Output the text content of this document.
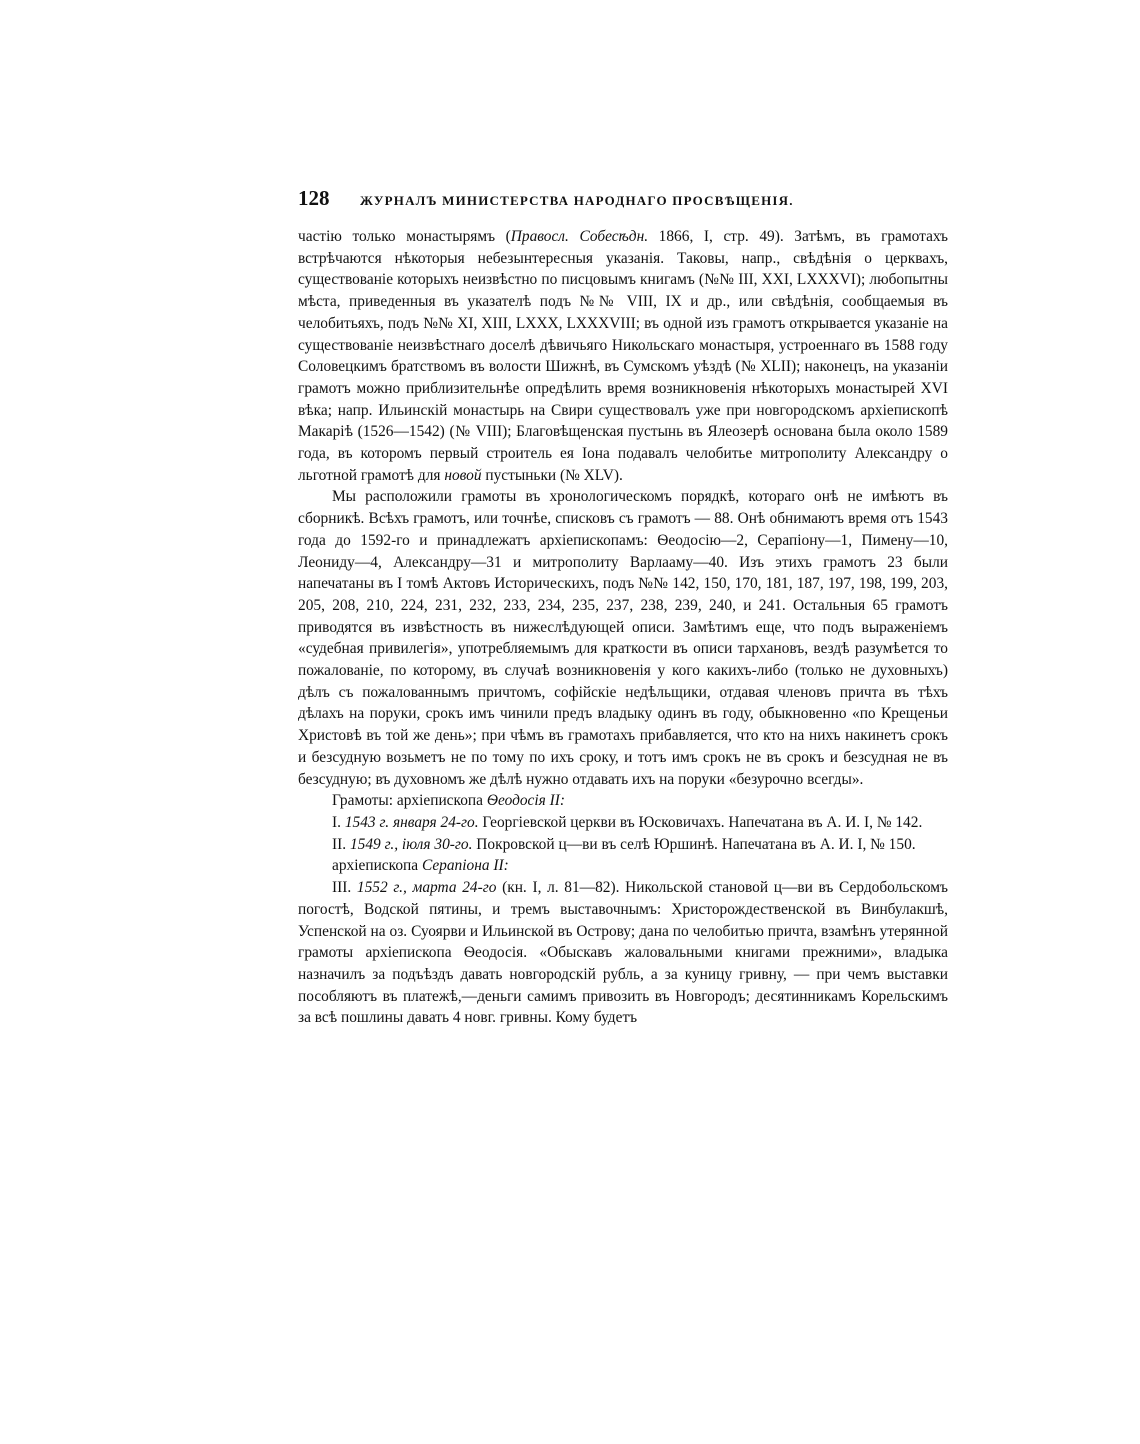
128	ЖУРНАЛЪ МИНИСТЕРСТВА НАРОДНАГО ПРОСВѢЩЕНІЯ.

частію только монастырямъ (Правосл. Собесѣдн. 1866, I, стр. 49). Затѣмъ, въ грамотахъ встрѣчаются нѣкоторыя небезынтересныя указанія. Таковы, напр., свѣдѣнія о церквахъ, существованіе которыхъ неизвѣстно по писцовымъ книгамъ (№№ III, XXI, LXXXVI); любопытны мѣста, приведенныя въ указателѣ подъ №№ VIII, IX и др., или свѣдѣнія, сообщаемыя въ челобитьяхъ, подъ №№ XI, XIII, LXXX, LXXXVIII; въ одной изъ грамотъ открывается указаніе на существованіе неизвѣстнаго доселѣ дѣвичьяго Никольскаго монастыря, устроеннаго въ 1588 году Соловецкимъ братствомъ въ волости Шижнѣ, въ Сумскомъ уѣздѣ (№ XLII); наконецъ, на указаніи грамотъ можно приблизительнѣе опредѣлить время возникновенія нѣкоторыхъ монастырей XVI вѣка; напр. Ильинскій монастырь на Свири существовалъ уже при новгородскомъ архіепископѣ Макаріѣ (1526—1542) (№ VIII); Благовѣщенская пустынь въ Ялеозерѣ основана была около 1589 года, въ которомъ первый строитель ея Іона подавалъ челобитье митрополиту Александру о льготной грамотѣ для новой пустыньки (№ XLV).

Мы расположили грамоты въ хронологическомъ порядкѣ, котораго онѣ не имѣютъ въ сборникѣ. Всѣхъ грамотъ, или точнѣе, списковъ съ грамотъ — 88. Онѣ обнимаютъ время отъ 1543 года до 1592-го и принадлежатъ архіепископамъ: Ѳеодосію—2, Серапіону—1, Пимену—10, Леониду—4, Александру—31 и митрополиту Варлааму—40. Изъ этихъ грамотъ 23 были напечатаны въ I томѣ Актовъ Историческихъ, подъ №№ 142, 150, 170, 181, 187, 197, 198, 199, 203, 205, 208, 210, 224, 231, 232, 233, 234, 235, 237, 238, 239, 240, и 241. Остальныя 65 грамотъ приводятся въ извѣстность въ нижеслѣдующей описи. Замѣтимъ еще, что подъ выраженіемъ «судебная привилегія», употребляемымъ для краткости въ описи тархановъ, вездѣ разумѣется то пожалованіе, по которому, въ случаѣ возникновенія у кого какихъ-либо (только не духовныхъ) дѣлъ съ пожалованнымъ причтомъ, софійскіе недѣльщики, отдавая членовъ причта въ тѣхъ дѣлахъ на поруки, срокъ имъ чинили предъ владыку одинъ въ году, обыкновенно «по Крещеньи Христовѣ въ той же день»; при чѣмъ въ грамотахъ прибавляется, что кто на нихъ накинетъ срокъ и безсудную возьметъ не по тому по ихъ сроку, и тотъ имъ срокъ не въ срокъ и безсудная не въ безсудную; въ духовномъ же дѣлѣ нужно отдавать ихъ на поруки «безурочно всегды».

Грамоты: архіепископа Ѳеодосія II:

I. 1543 г. января 24-го. Георгіевской церкви въ Юсковичахъ. Напечатана въ А. И. I, № 142.

II. 1549 г., іюля 30-го. Покровской ц—ви въ селѣ Юршинѣ. Напечатана въ А. И. I, № 150.

архіепископа Серапіона II:

III. 1552 г., марта 24-го (кн. I, л. 81—82). Никольской становой ц—ви въ Сердобольскомъ погостѣ, Водской пятины, и тремъ выставочнымъ: Христорождественской въ Винбулакшѣ, Успенской на оз. Суоярви и Ильинской въ Острову; дана по челобитью причта, взамѣнъ утерянной грамоты архіепископа Ѳеодосія. «Обыскавъ жаловальными книгами прежними», владыка назначилъ за подъѣздъ давать новгородскій рубль, а за куницу гривну, — при чемъ выставки пособляютъ въ платежѣ,—деньги самимъ привозить въ Новгородъ; десятинникамъ Корельскимъ за всѣ пошлины давать 4 новг. гривны. Кому будетъ
